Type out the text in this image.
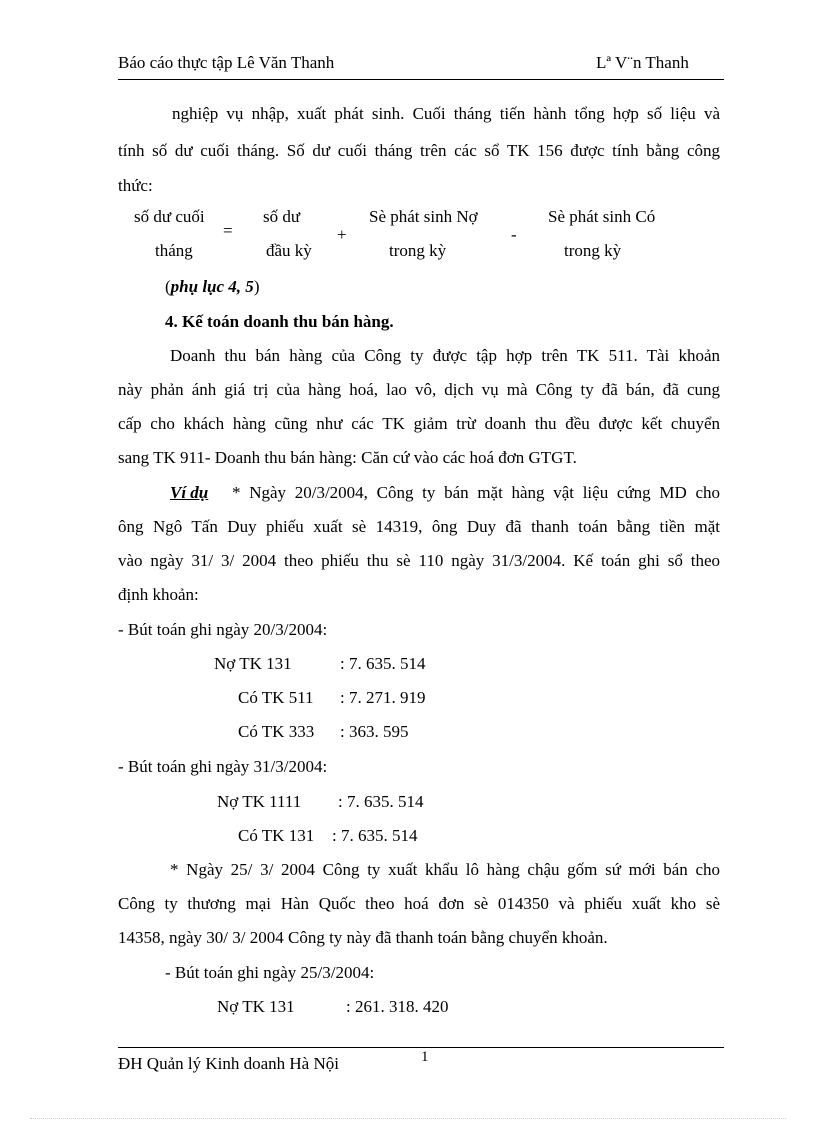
Báo cáo thực tập Lê Văn Thanh	Lª V¨n Thanh
nghiệp vụ nhập, xuất phát sinh. Cuối tháng tiến hành tổng hợp số liệu và
tính số dư cuối tháng. Số dư cuối tháng trên các sổ TK 156 được tính bằng công
thức:
số dư cuối
tháng
=
số dư
đầu kỳ
+
Sè phát sinh Nợ
trong kỳ
-
Sè phát sinh Có
trong kỳ
(phụ lục 4, 5)
4. Kế toán doanh thu bán hàng.
Doanh thu bán hàng của Công ty được tập hợp trên TK 511. Tài khoản
này phản ánh giá trị của hàng hoá, lao vô, dịch vụ mà Công ty đã bán, đã cung
cấp cho khách hàng cũng như các TK giảm trừ doanh thu đều được kết chuyển
sang TK 911- Doanh thu bán hàng: Căn cứ vào các hoá đơn GTGT.
Ví dụ * Ngày 20/3/2004, Công ty bán mặt hàng vật liệu cứng MD cho
ông Ngô Tấn Duy phiếu xuất sè 14319, ông Duy đã thanh toán bằng tiền mặt
vào ngày 31/ 3/ 2004 theo phiếu thu sè 110 ngày 31/3/2004. Kế toán ghi sổ theo
định khoản:
- Bút toán ghi ngày 20/3/2004:
Nợ TK 131	: 7. 635. 514
Có TK 511 : 7. 271. 919
Có TK 333 : 363. 595
- Bút toán ghi ngày 31/3/2004:
Nợ TK 1111 : 7. 635. 514
Có TK 131 : 7. 635. 514
* Ngày 25/ 3/ 2004 Công ty xuất khẩu lô hàng chậu gốm sứ mới bán cho
Công ty thương mại Hàn Quốc theo hoá đơn sè 014350 và phiếu xuất kho sè
14358, ngày 30/ 3/ 2004 Công ty này đã thanh toán bằng chuyển khoản.
- Bút toán ghi ngày 25/3/2004:
Nợ TK 131	: 261. 318. 420
ĐH Quản lý Kinh doanh Hà Nội	1
